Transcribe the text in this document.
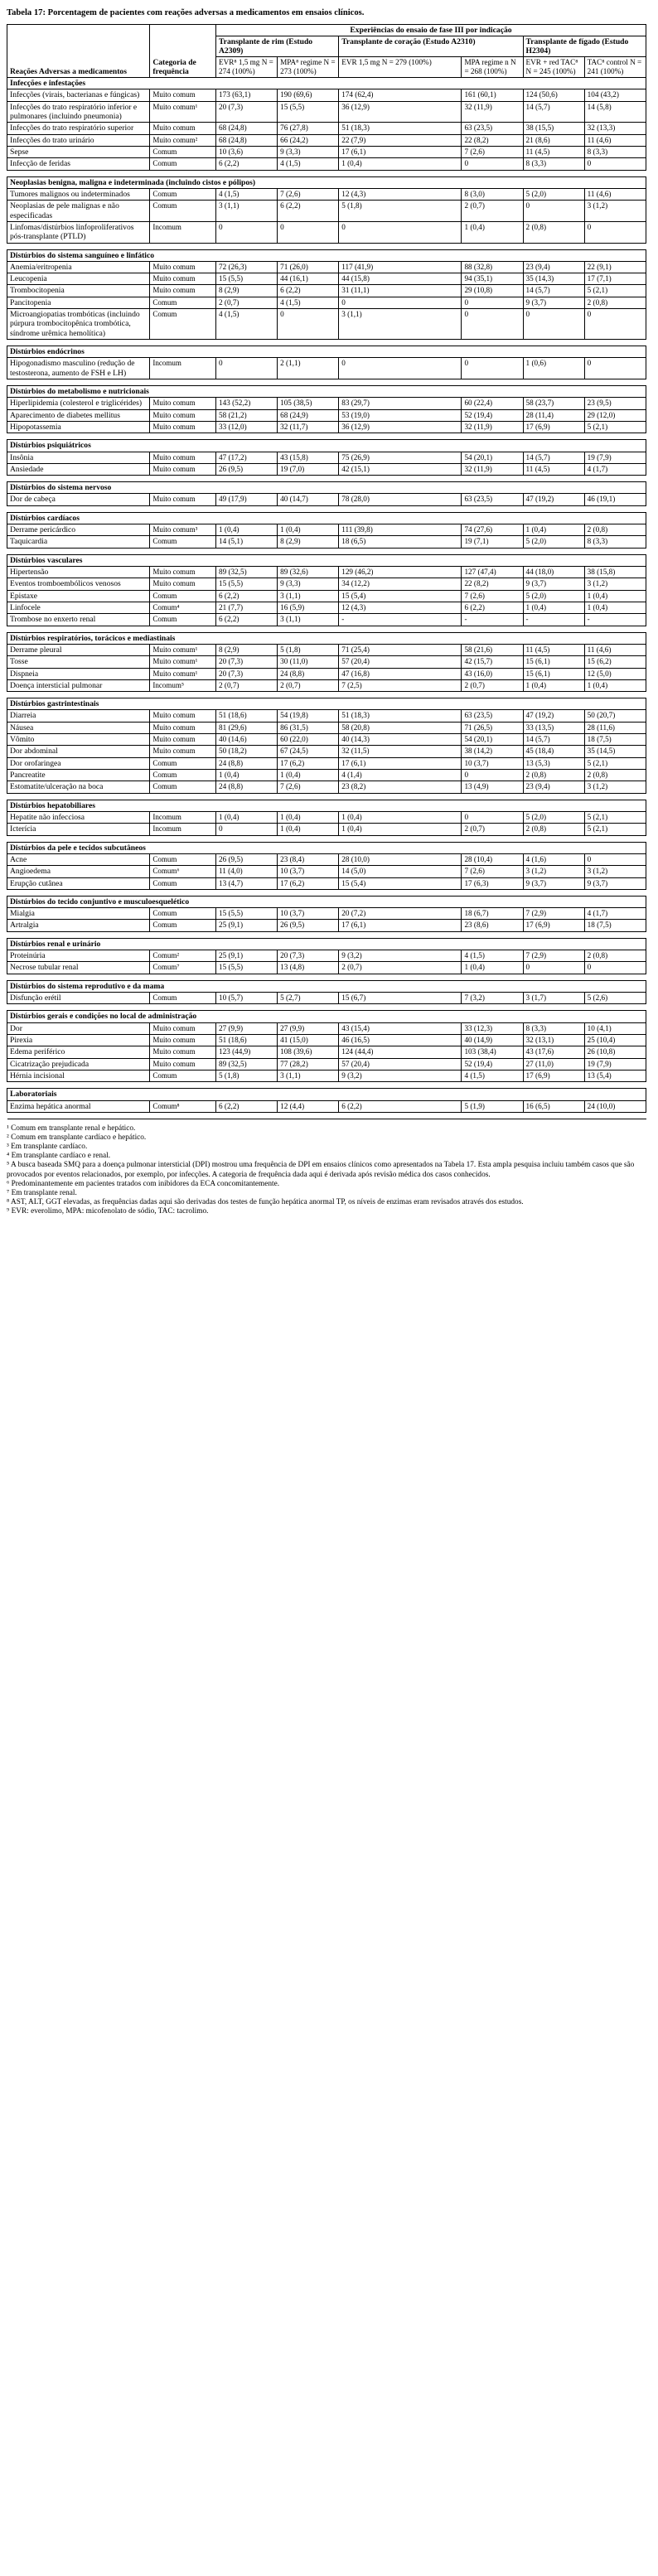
Tabela 17: Porcentagem de pacientes com reações adversas a medicamentos em ensaios clínicos.
Reações Adversas a medicamentos	Categoria de frequência	Experiências do ensaio de fase III por indicação					
		Transplante de rim (Estudo A2309)		Transplante de coração (Estudo A2310)		Transplante de fígado (Estudo H2304)	
		EVR⁸ 1,5 mg N = 274 (100%)	MPA⁸ regime N = 273 (100%)	EVR 1,5 mg N = 279 (100%)	MPA regime n N = 268 (100%)	EVR + red TAC⁸ N = 245 (100%)	TAC⁸ control N = 241 (100%)
Infecções e infestações							
Infecções (virais, bacterianas e fúngicas)	Muito comum	173 (63,1)	190 (69,6)	174 (62,4)	161 (60,1)	124 (50,6)	104 (43,2)
Infecções do trato respiratório inferior e pulmonares (incluindo pneumonia)	Muito comum¹	20 (7,3)	15 (5,5)	36 (12,9)	32 (11,9)	14 (5,7)	14 (5,8)
Infecções do trato respiratório superior	Muito comum	68 (24,8)	76 (27,8)	51 (18,3)	63 (23,5)	38 (15,5)	32 (13,3)
Infecções do trato urinário	Muito comum²	68 (24,8)	66 (24,2)	22 (7,9)	22 (8,2)	21 (8,6)	11 (4,6)
Sepse	Comum	10 (3,6)	9 (3,3)	17 (6,1)	7 (2,6)	11 (4,5)	8 (3,3)
Infecção de feridas	Comum	6 (2,2)	4 (1,5)	1 (0,4)	0	8 (3,3)	0

Neoplasias benigna, maligna e indeterminada (incluindo cistos e pólipos)							
Tumores malignos ou indeterminados	Comum	4 (1,5)	7 (2,6)	12 (4,3)	8 (3,0)	5 (2,0)	11 (4,6)
Neoplasias de pele malignas e não especificadas	Comum	3 (1,1)	6 (2,2)	5 (1,8)	2 (0,7)	0	3 (1,2)
Linfomas/distúrbios linfoproliferativos pós-transplante (PTLD)	Incomum	0	0	0	1 (0,4)	2 (0,8)	0

Distúrbios do sistema sanguíneo e linfático							
Anemia/eritropenia	Muito comum	72 (26,3)	71 (26,0)	117 (41,9)	88 (32,8)	23 (9,4)	22 (9,1)
Leucopenia	Muito comum	15 (5,5)	44 (16,1)	44 (15,8)	94 (35,1)	35 (14,3)	17 (7,1)
Trombocitopenia	Muito comum	8 (2,9)	6 (2,2)	31 (11,1)	29 (10,8)	14 (5,7)	5 (2,1)
Pancitopenia	Comum	2 (0,7)	4 (1,5)	0	0	9 (3,7)	2 (0,8)
Microangiopatias trombóticas (incluindo púrpura trombocitopênica trombótica, síndrome urêmica hemolítica)	Comum	4 (1,5)	0	3 (1,1)	0	0	0

Distúrbios endócrinos							
Hipogonadismo masculino (redução de testosterona, aumento de FSH e LH)	Incomum	0	2 (1,1)	0	0	1 (0,6)	0

Distúrbios do metabolismo e nutricionais							
Hiperlipidemia (colesterol e triglicérides)	Muito comum	143 (52,2)	105 (38,5)	83 (29,7)	60 (22,4)	58 (23,7)	23 (9,5)
Aparecimento de diabetes mellitus	Muito comum	58 (21,2)	68 (24,9)	53 (19,0)	52 (19,4)	28 (11,4)	29 (12,0)
Hipopotassemia	Muito comum	33 (12,0)	32 (11,7)	36 (12,9)	32 (11,9)	17 (6,9)	5 (2,1)

Distúrbios psiquiátricos							
Insônia	Muito comum	47 (17,2)	43 (15,8)	75 (26,9)	54 (20,1)	14 (5,7)	19 (7,9)
Ansiedade	Muito comum	26 (9,5)	19 (7,0)	42 (15,1)	32 (11,9)	11 (4,5)	4 (1,7)

Distúrbios do sistema nervoso							
Dor de cabeça	Muito comum	49 (17,9)	40 (14,7)	78 (28,0)	63 (23,5)	47 (19,2)	46 (19,1)

Distúrbios cardíacos							
Derrame pericárdico	Muito comum³	1 (0,4)	1 (0,4)	111 (39,8)	74 (27,6)	1 (0,4)	2 (0,8)
Taquicardia	Comum	14 (5,1)	8 (2,9)	18 (6,5)	19 (7,1)	5 (2,0)	8 (3,3)

Distúrbios vasculares							
Hipertensão	Muito comum	89 (32,5)	89 (32,6)	129 (46,2)	127 (47,4)	44 (18,0)	38 (15,8)
Eventos tromboembólicos venosos	Muito comum	15 (5,5)	9 (3,3)	34 (12,2)	22 (8,2)	9 (3,7)	3 (1,2)
Epistaxe	Comum	6 (2,2)	3 (1,1)	15 (5,4)	7 (2,6)	5 (2,0)	1 (0,4)
Linfocele	Comum⁴	21 (7,7)	16 (5,9)	12 (4,3)	6 (2,2)	1 (0,4)	1 (0,4)
Trombose no enxerto renal	Comum	6 (2,2)	3 (1,1)	-	-	-	-

Distúrbios respiratórios, torácicos e mediastinais							
Derrame pleural	Muito comum¹	8 (2,9)	5 (1,8)	71 (25,4)	58 (21,6)	11 (4,5)	11 (4,6)
Tosse	Muito comum¹	20 (7,3)	30 (11,0)	57 (20,4)	42 (15,7)	15 (6,1)	15 (6,2)
Dispneia	Muito comum¹	20 (7,3)	24 (8,8)	47 (16,8)	43 (16,0)	15 (6,1)	12 (5,0)
Doença intersticial pulmonar	Incomum⁵	2 (0,7)	2 (0,7)	7 (2,5)	2 (0,7)	1 (0,4)	1 (0,4)

Distúrbios gastrintestinais							
Diarreia	Muito comum	51 (18,6)	54 (19,8)	51 (18,3)	63 (23,5)	47 (19,2)	50 (20,7)
Náusea	Muito comum	81 (29,6)	86 (31,5)	58 (20,8)	71 (26,5)	33 (13,5)	28 (11,6)
Vômito	Muito comum	40 (14,6)	60 (22,0)	40 (14,3)	54 (20,1)	14 (5,7)	18 (7,5)
Dor abdominal	Muito comum	50 (18,2)	67 (24,5)	32 (11,5)	38 (14,2)	45 (18,4)	35 (14,5)
Dor orofaringea	Comum	24 (8,8)	17 (6,2)	17 (6,1)	10 (3,7)	13 (5,3)	5 (2,1)
Pancreatite	Comum	1 (0,4)	1 (0,4)	4 (1,4)	0	2 (0,8)	2 (0,8)
Estomatite/ulceração na boca	Comum	24 (8,8)	7 (2,6)	23 (8,2)	13 (4,9)	23 (9,4)	3 (1,2)

Distúrbios hepatobiliares							
Hepatite não infecciosa	Incomum	1 (0,4)	1 (0,4)	1 (0,4)	0	5 (2,0)	5 (2,1)
Icterícia	Incomum	0	1 (0,4)	1 (0,4)	2 (0,7)	2 (0,8)	5 (2,1)

Distúrbios da pele e tecidos subcutâneos							
Acne	Comum	26 (9,5)	23 (8,4)	28 (10,0)	28 (10,4)	4 (1,6)	0
Angioedema	Comum⁶	11 (4,0)	10 (3,7)	14 (5,0)	7 (2,6)	3 (1,2)	3 (1,2)
Erupção cutânea	Comum	13 (4,7)	17 (6,2)	15 (5,4)	17 (6,3)	9 (3,7)	9 (3,7)

Distúrbios do tecido conjuntivo e musculoesquelético							
Mialgia	Comum	15 (5,5)	10 (3,7)	20 (7,2)	18 (6,7)	7 (2,9)	4 (1,7)
Artralgia	Comum	25 (9,1)	26 (9,5)	17 (6,1)	23 (8,6)	17 (6,9)	18 (7,5)

Distúrbios renal e urinário							
Proteinúria	Comum²	25 (9,1)	20 (7,3)	9 (3,2)	4 (1,5)	7 (2,9)	2 (0,8)
Necrose tubular renal	Comum⁷	15 (5,5)	13 (4,8)	2 (0,7)	1 (0,4)	0	0

Distúrbios do sistema reprodutivo e da mama							
Disfunção erétil	Comum	10 (5,7)	5 (2,7)	15 (6,7)	7 (3,2)	3 (1,7)	5 (2,6)

Distúrbios gerais e condições no local de administração							
Dor	Muito comum	27 (9,9)	27 (9,9)	43 (15,4)	33 (12,3)	8 (3,3)	10 (4,1)
Pirexia	Muito comum	51 (18,6)	41 (15,0)	46 (16,5)	40 (14,9)	32 (13,1)	25 (10,4)
Edema periférico	Muito comum	123 (44,9)	108 (39,6)	124 (44,4)	103 (38,4)	43 (17,6)	26 (10,8)
Cicatrização prejudicada	Muito comum	89 (32,5)	77 (28,2)	57 (20,4)	52 (19,4)	27 (11,0)	19 (7,9)
Hérnia incisional	Comum	5 (1,8)	3 (1,1)	9 (3,2)	4 (1,5)	17 (6,9)	13 (5,4)

Laboratoriais							
Enzima hepática anormal	Comum⁸	6 (2,2)	12 (4,4)	6 (2,2)	5 (1,9)	16 (6,5)	24 (10,0)

¹ Comum em transplante renal e hepático.
² Comum em transplante cardíaco e hepático.
³ Em transplante cardíaco.
⁴ Em transplante cardíaco e renal.
⁵ A busca baseada SMQ para a doença pulmonar intersticial (DPI) mostrou uma frequência de DPI em ensaios clínicos como apresentados na Tabela 17. Esta ampla pesquisa incluiu também casos que são provocados por eventos relacionados, por exemplo, por infecções. A categoria de frequência dada aqui é derivada após revisão médica dos casos conhecidos.
⁶ Predominantemente em pacientes tratados com inibidores da ECA concomitantemente.
⁷ Em transplante renal.
⁸ AST, ALT, GGT elevadas, as frequências dadas aqui são derivadas dos testes de função hepática anormal TP, os níveis de enzimas eram revisados através dos estudos.
⁹ EVR: everolimo, MPA: micofenolato de sódio, TAC: tacrolimo.
